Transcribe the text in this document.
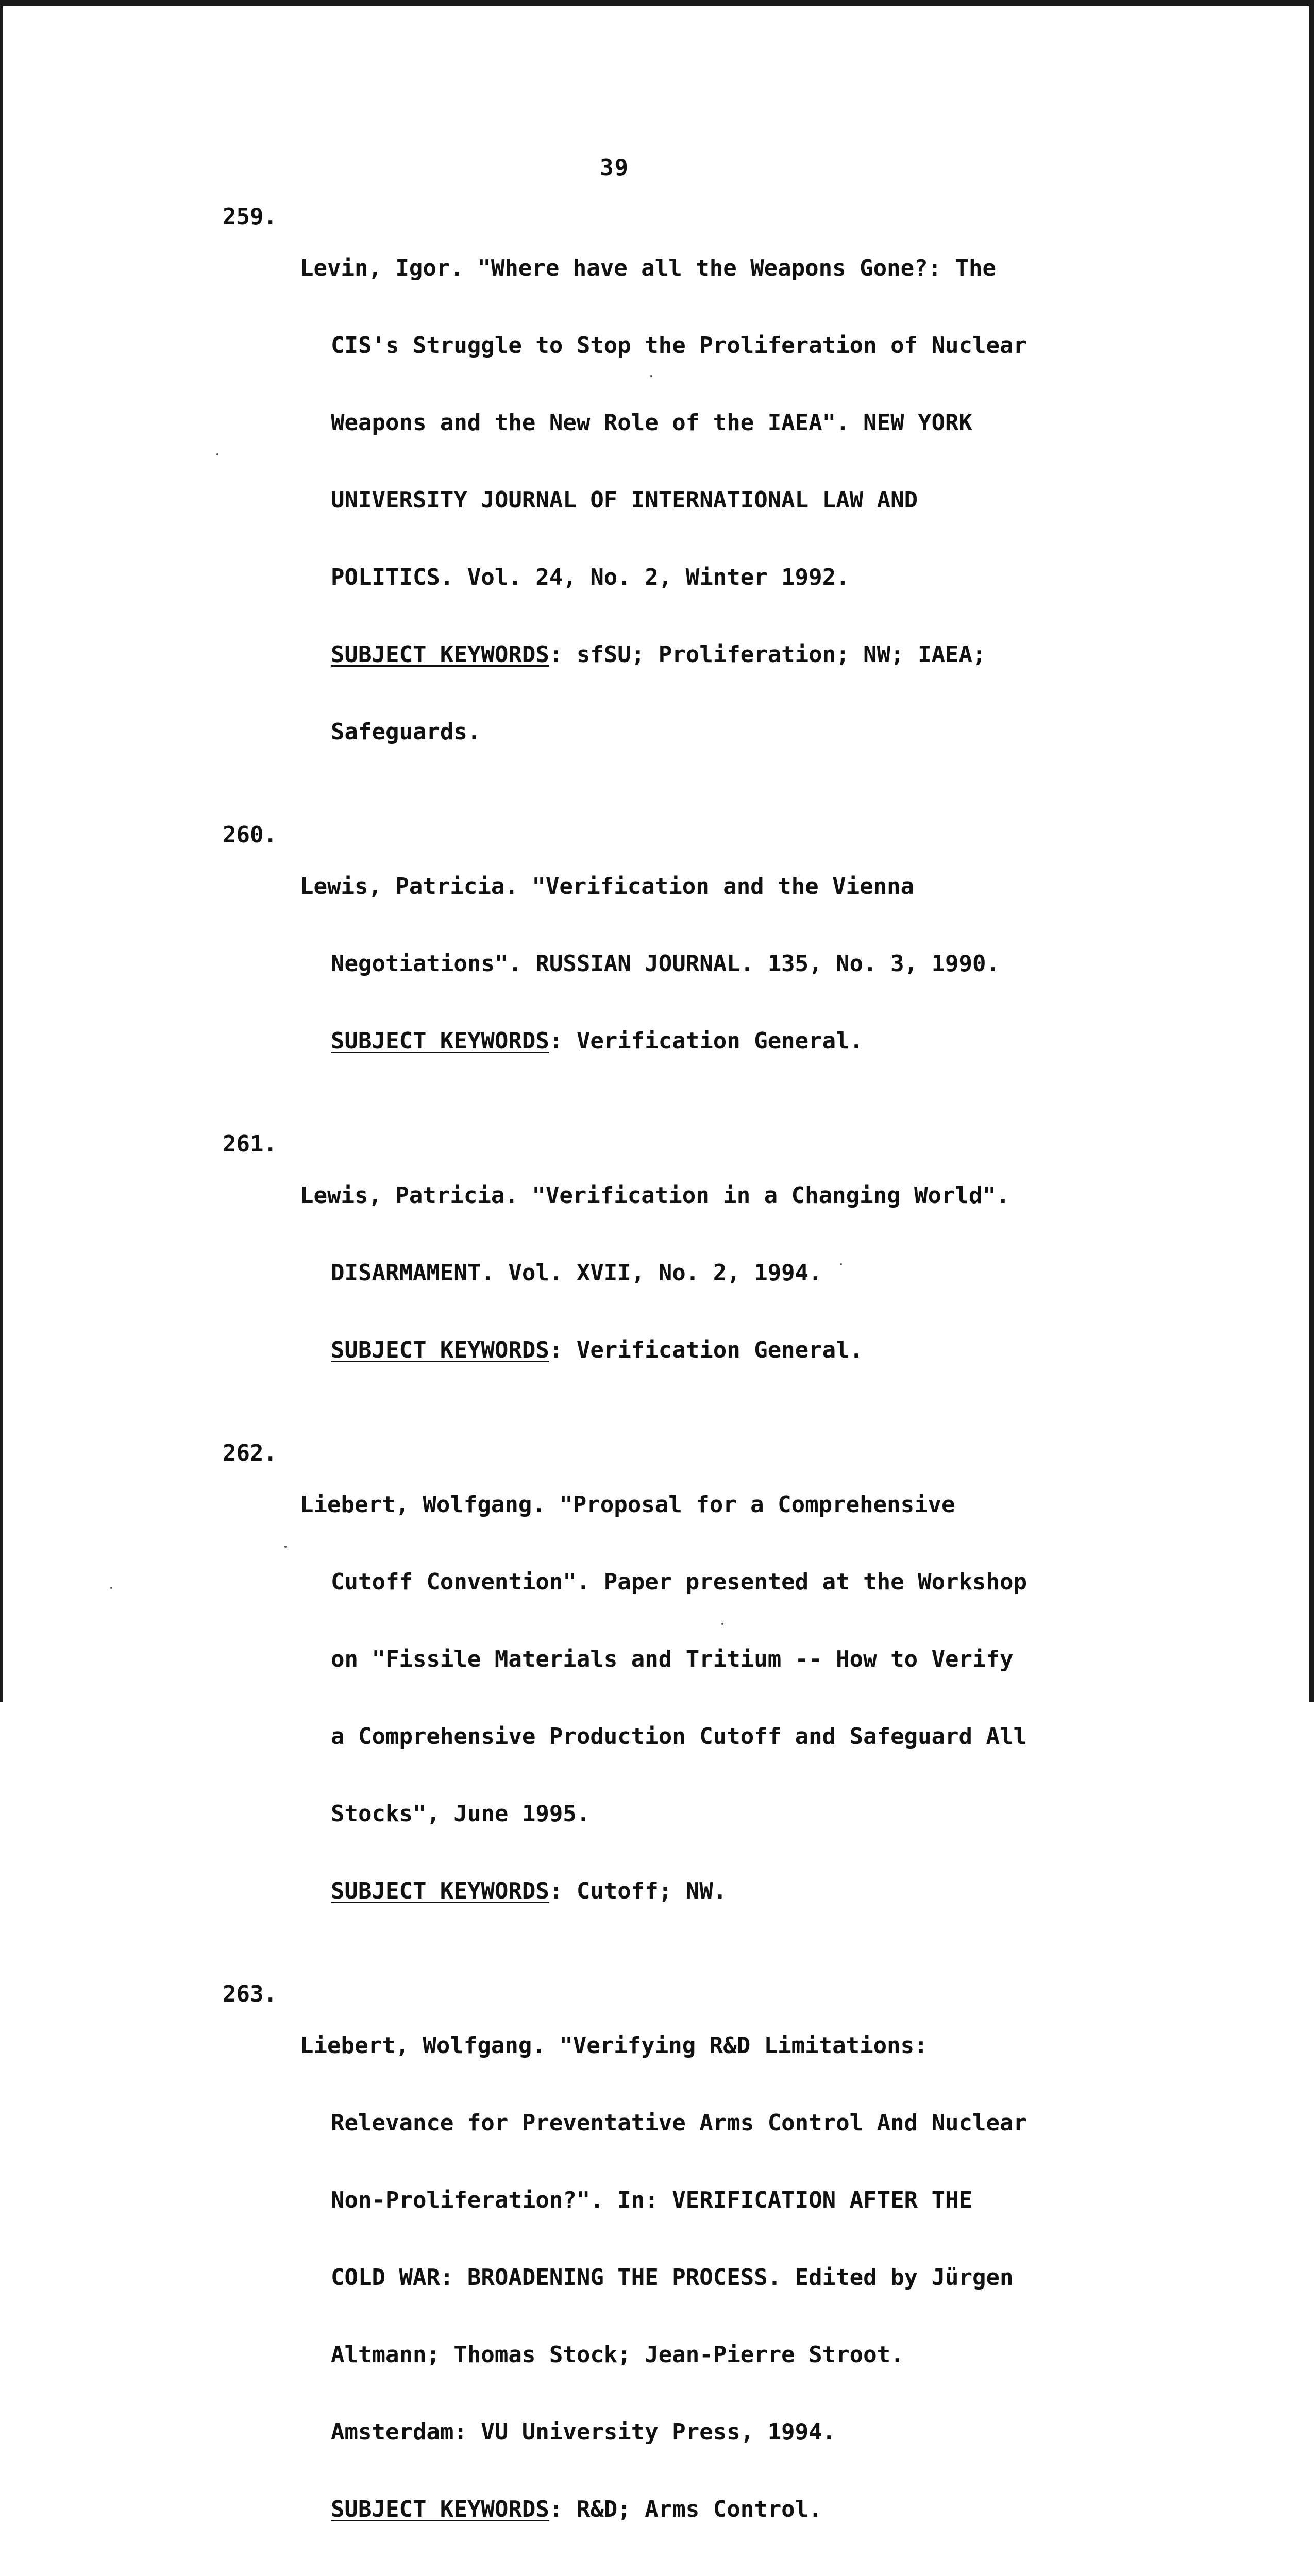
39
259.

Levin, Igor. "Where have all the Weapons Gone?: The

CIS's Struggle to Stop the Proliferation of Nuclear

Weapons and the New Role of the IAEA". NEW YORK

UNIVERSITY JOURNAL OF INTERNATIONAL LAW AND

POLITICS. Vol. 24, No. 2, Winter 1992.

SUBJECT KEYWORDS: sfSU; Proliferation; NW; IAEA;

Safeguards.

260.

Lewis, Patricia. "Verification and the Vienna

Negotiations". RUSSIAN JOURNAL. 135, No. 3, 1990.

SUBJECT KEYWORDS: Verification General.

261.

Lewis, Patricia. "Verification in a Changing World".

DISARMAMENT. Vol. XVII, No. 2, 1994.

SUBJECT KEYWORDS: Verification General.

262.

Liebert, Wolfgang. "Proposal for a Comprehensive

Cutoff Convention". Paper presented at the Workshop

on "Fissile Materials and Tritium -- How to Verify

a Comprehensive Production Cutoff and Safeguard All

Stocks", June 1995.

SUBJECT KEYWORDS: Cutoff; NW.

263.

Liebert, Wolfgang. "Verifying R&D Limitations:

Relevance for Preventative Arms Control And Nuclear

Non-Proliferation?". In: VERIFICATION AFTER THE

COLD WAR: BROADENING THE PROCESS. Edited by Jürgen

Altmann; Thomas Stock; Jean-Pierre Stroot.

Amsterdam: VU University Press, 1994.

SUBJECT KEYWORDS: R&D; Arms Control.
